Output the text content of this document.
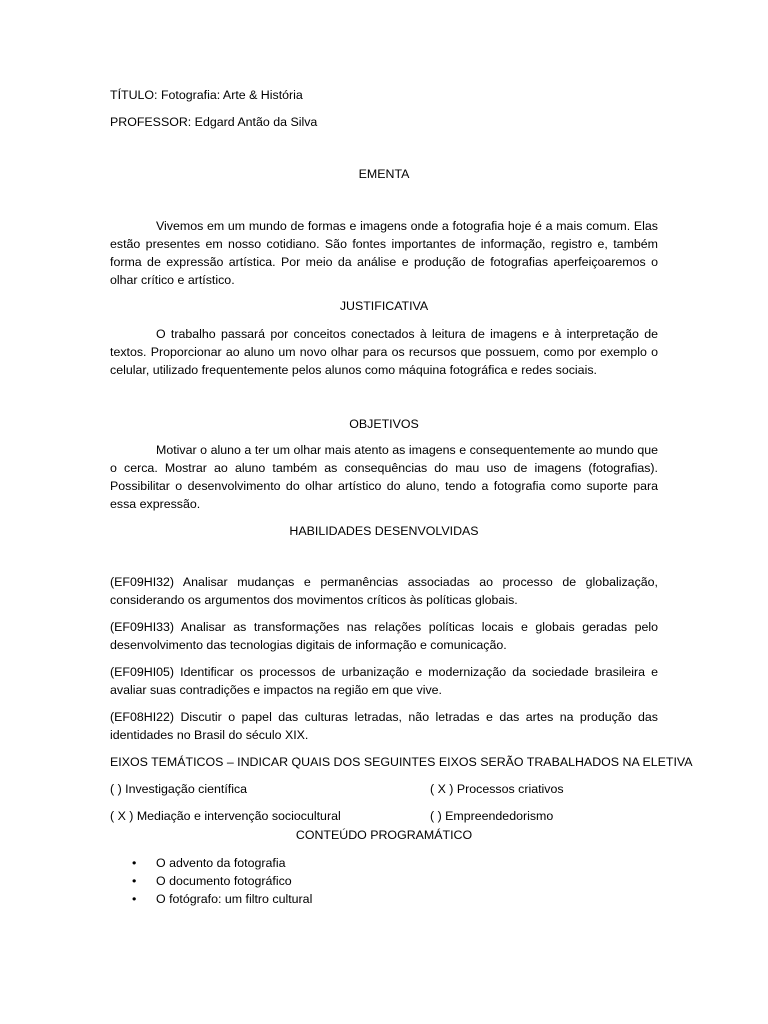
TÍTULO: Fotografia: Arte & História

PROFESSOR: Edgard Antão da Silva

EMENTA

Vivemos em um mundo de formas e imagens onde a fotografia hoje é a mais comum. Elas estão presentes em nosso cotidiano. São fontes importantes de informação, registro e, também forma de expressão artística. Por meio da análise e produção de fotografias aperfeiçoaremos o olhar crítico e artístico.

JUSTIFICATIVA

O trabalho passará por conceitos conectados à leitura de imagens e à interpretação de textos. Proporcionar ao aluno um novo olhar para os recursos que possuem, como por exemplo o celular, utilizado frequentemente pelos alunos como máquina fotográfica e redes sociais.

OBJETIVOS

Motivar o aluno a ter um olhar mais atento as imagens e consequentemente ao mundo que o cerca. Mostrar ao aluno também as consequências do mau uso de imagens (fotografias). Possibilitar o desenvolvimento do olhar artístico do aluno, tendo a fotografia como suporte para essa expressão.

HABILIDADES DESENVOLVIDAS

(EF09HI32) Analisar mudanças e permanências associadas ao processo de globalização, considerando os argumentos dos movimentos críticos às políticas globais.

(EF09HI33) Analisar as transformações nas relações políticas locais e globais geradas pelo desenvolvimento das tecnologias digitais de informação e comunicação.

(EF09HI05) Identificar os processos de urbanização e modernização da sociedade brasileira e avaliar suas contradições e impactos na região em que vive.

(EF08HI22) Discutir o papel das culturas letradas, não letradas e das artes na produção das identidades no Brasil do século XIX.

EIXOS TEMÁTICOS – INDICAR QUAIS DOS SEGUINTES EIXOS SERÃO TRABALHADOS NA ELETIVA

( ) Investigação científica	( X ) Processos criativos
( X ) Mediação e intervenção sociocultural	( ) Empreendedorismo

CONTEÚDO PROGRAMÁTICO

• O advento da fotografia
• O documento fotográfico
• O fotógrafo: um filtro cultural
